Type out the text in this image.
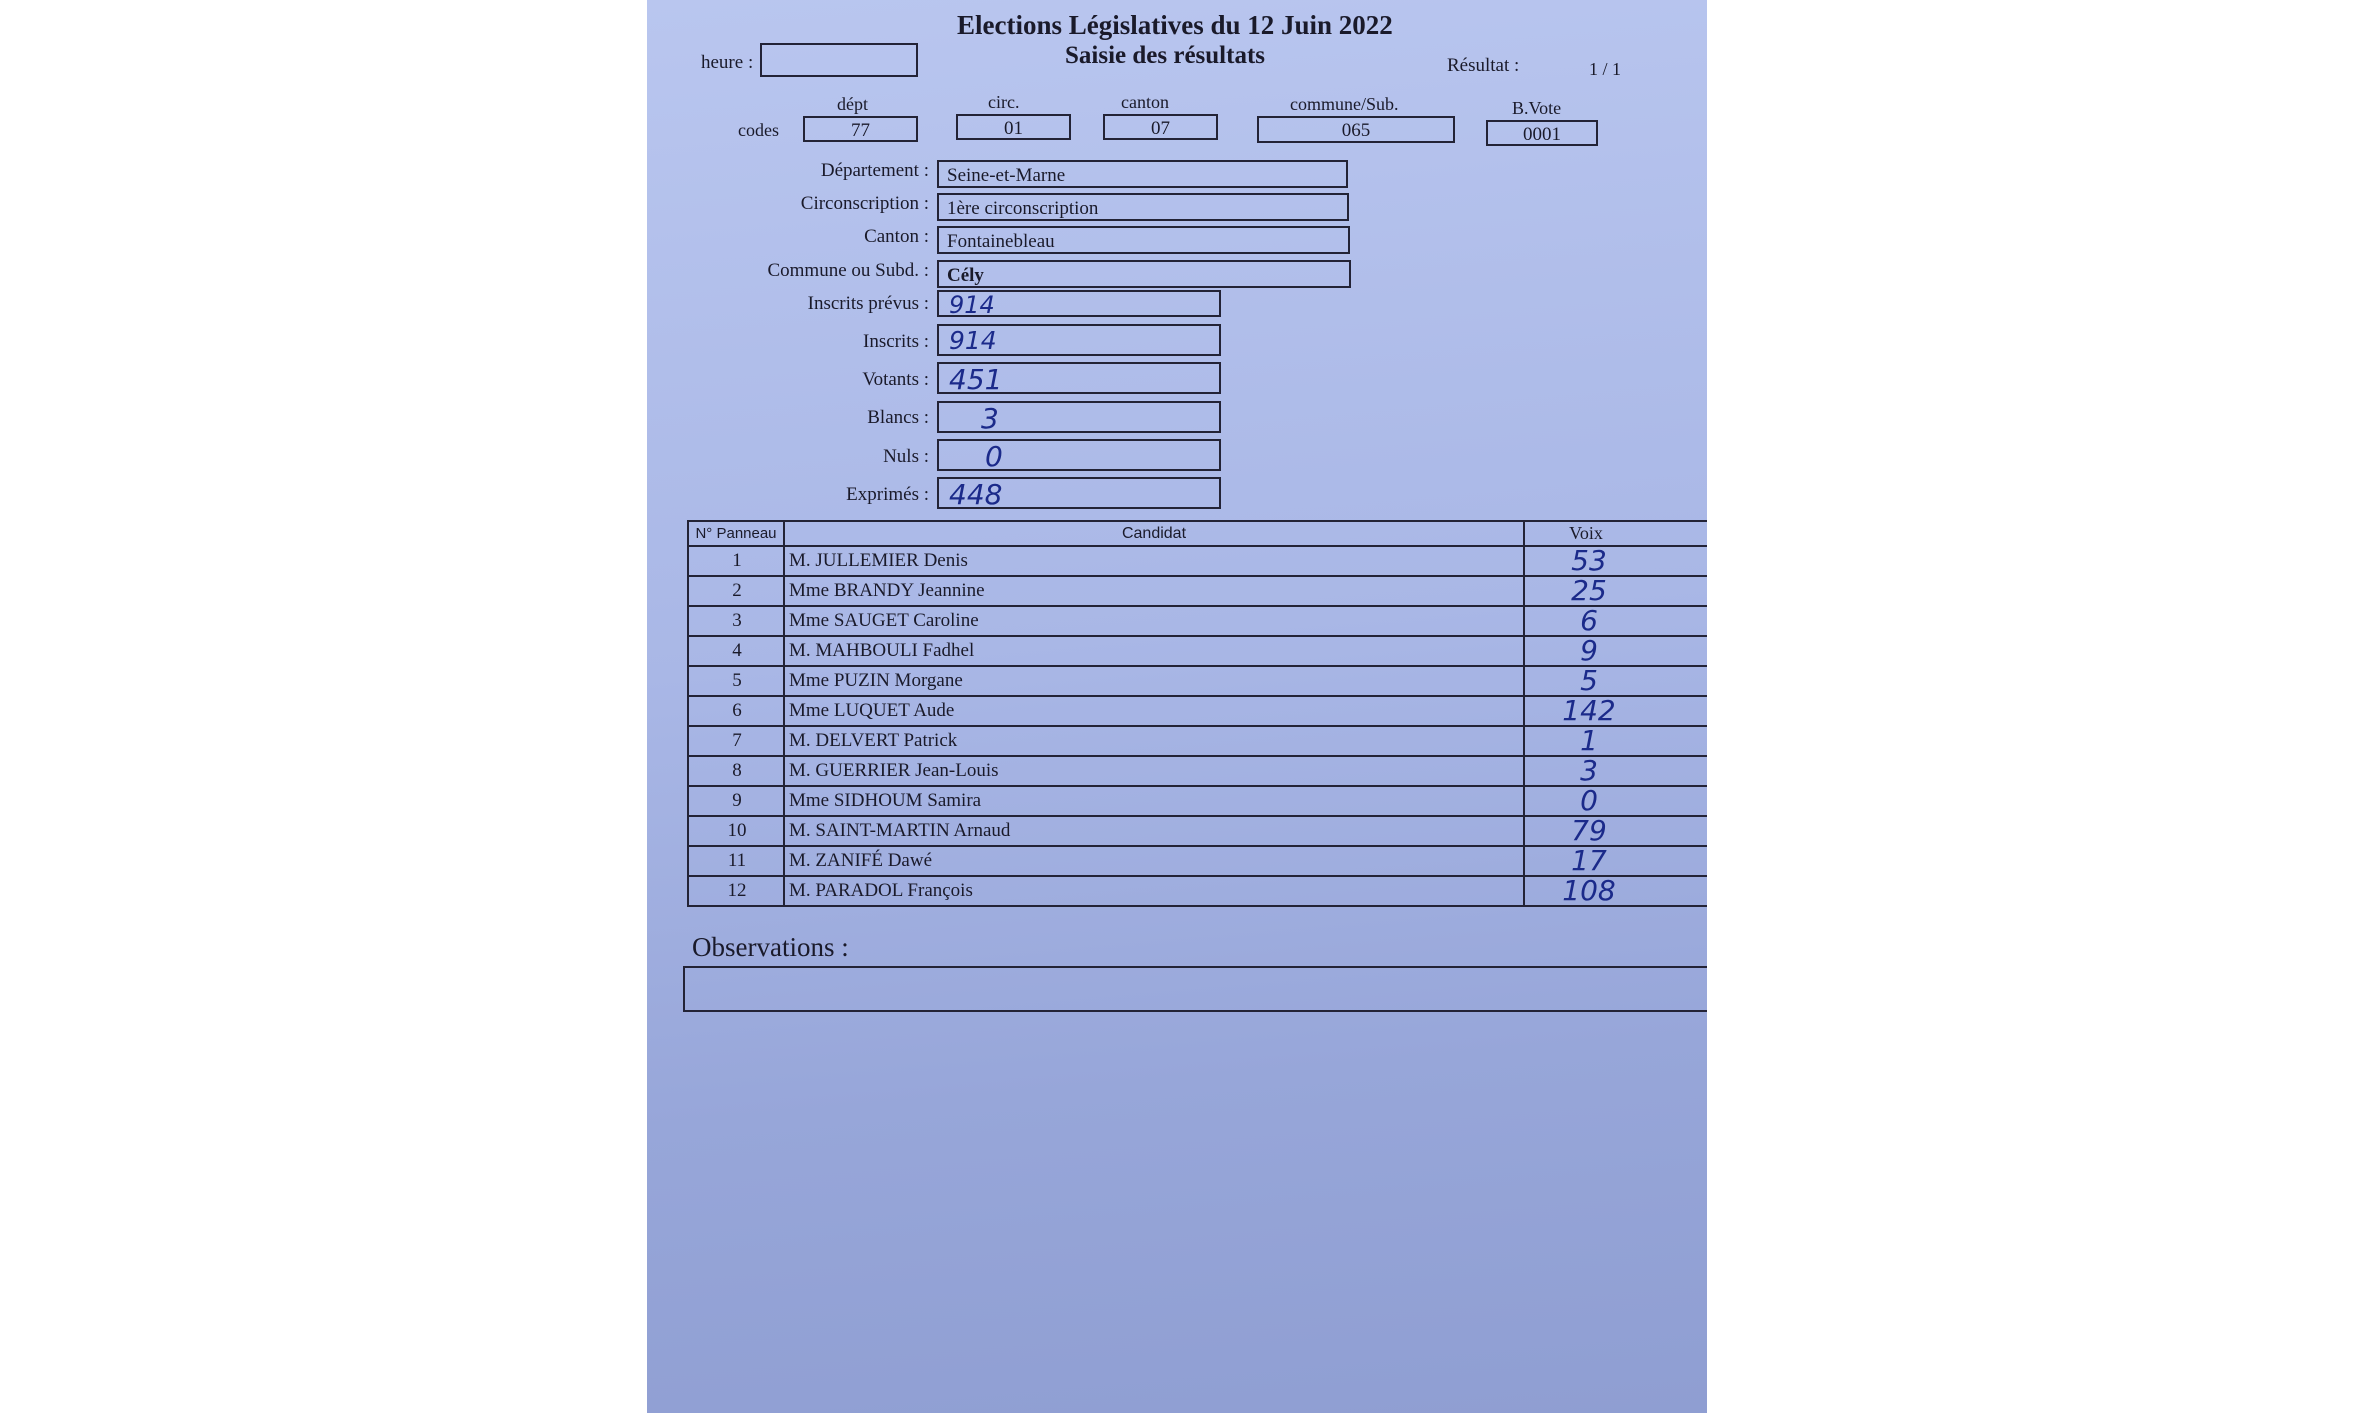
Elections Législatives du 12 Juin 2022
Saisie des résultats
heure :	Résultat :	1 / 1
codes
dépt
77
circ.
01
canton
07
commune/Sub.
065
B.Vote
0001
Département : Seine-et-Marne
Circonscription : 1ère circonscription
Canton : Fontainebleau
Commune ou Subd. : Cély
Inscrits prévus : 914
Inscrits : 914
Votants : 451
Blancs : 3
Nuls : 0
Exprimés : 448
N° Panneau	Candidat	Voix
1	M. JULLEMIER Denis	53
2	Mme BRANDY Jeannine	25
3	Mme SAUGET Caroline	6
4	M. MAHBOULI Fadhel	9
5	Mme PUZIN Morgane	5
6	Mme LUQUET Aude	142
7	M. DELVERT Patrick	1
8	M. GUERRIER Jean-Louis	3
9	Mme SIDHOUM Samira	0
10	M. SAINT-MARTIN Arnaud	79
11	M. ZANIFÉ Dawé	17
12	M. PARADOL François	108
Observations :
